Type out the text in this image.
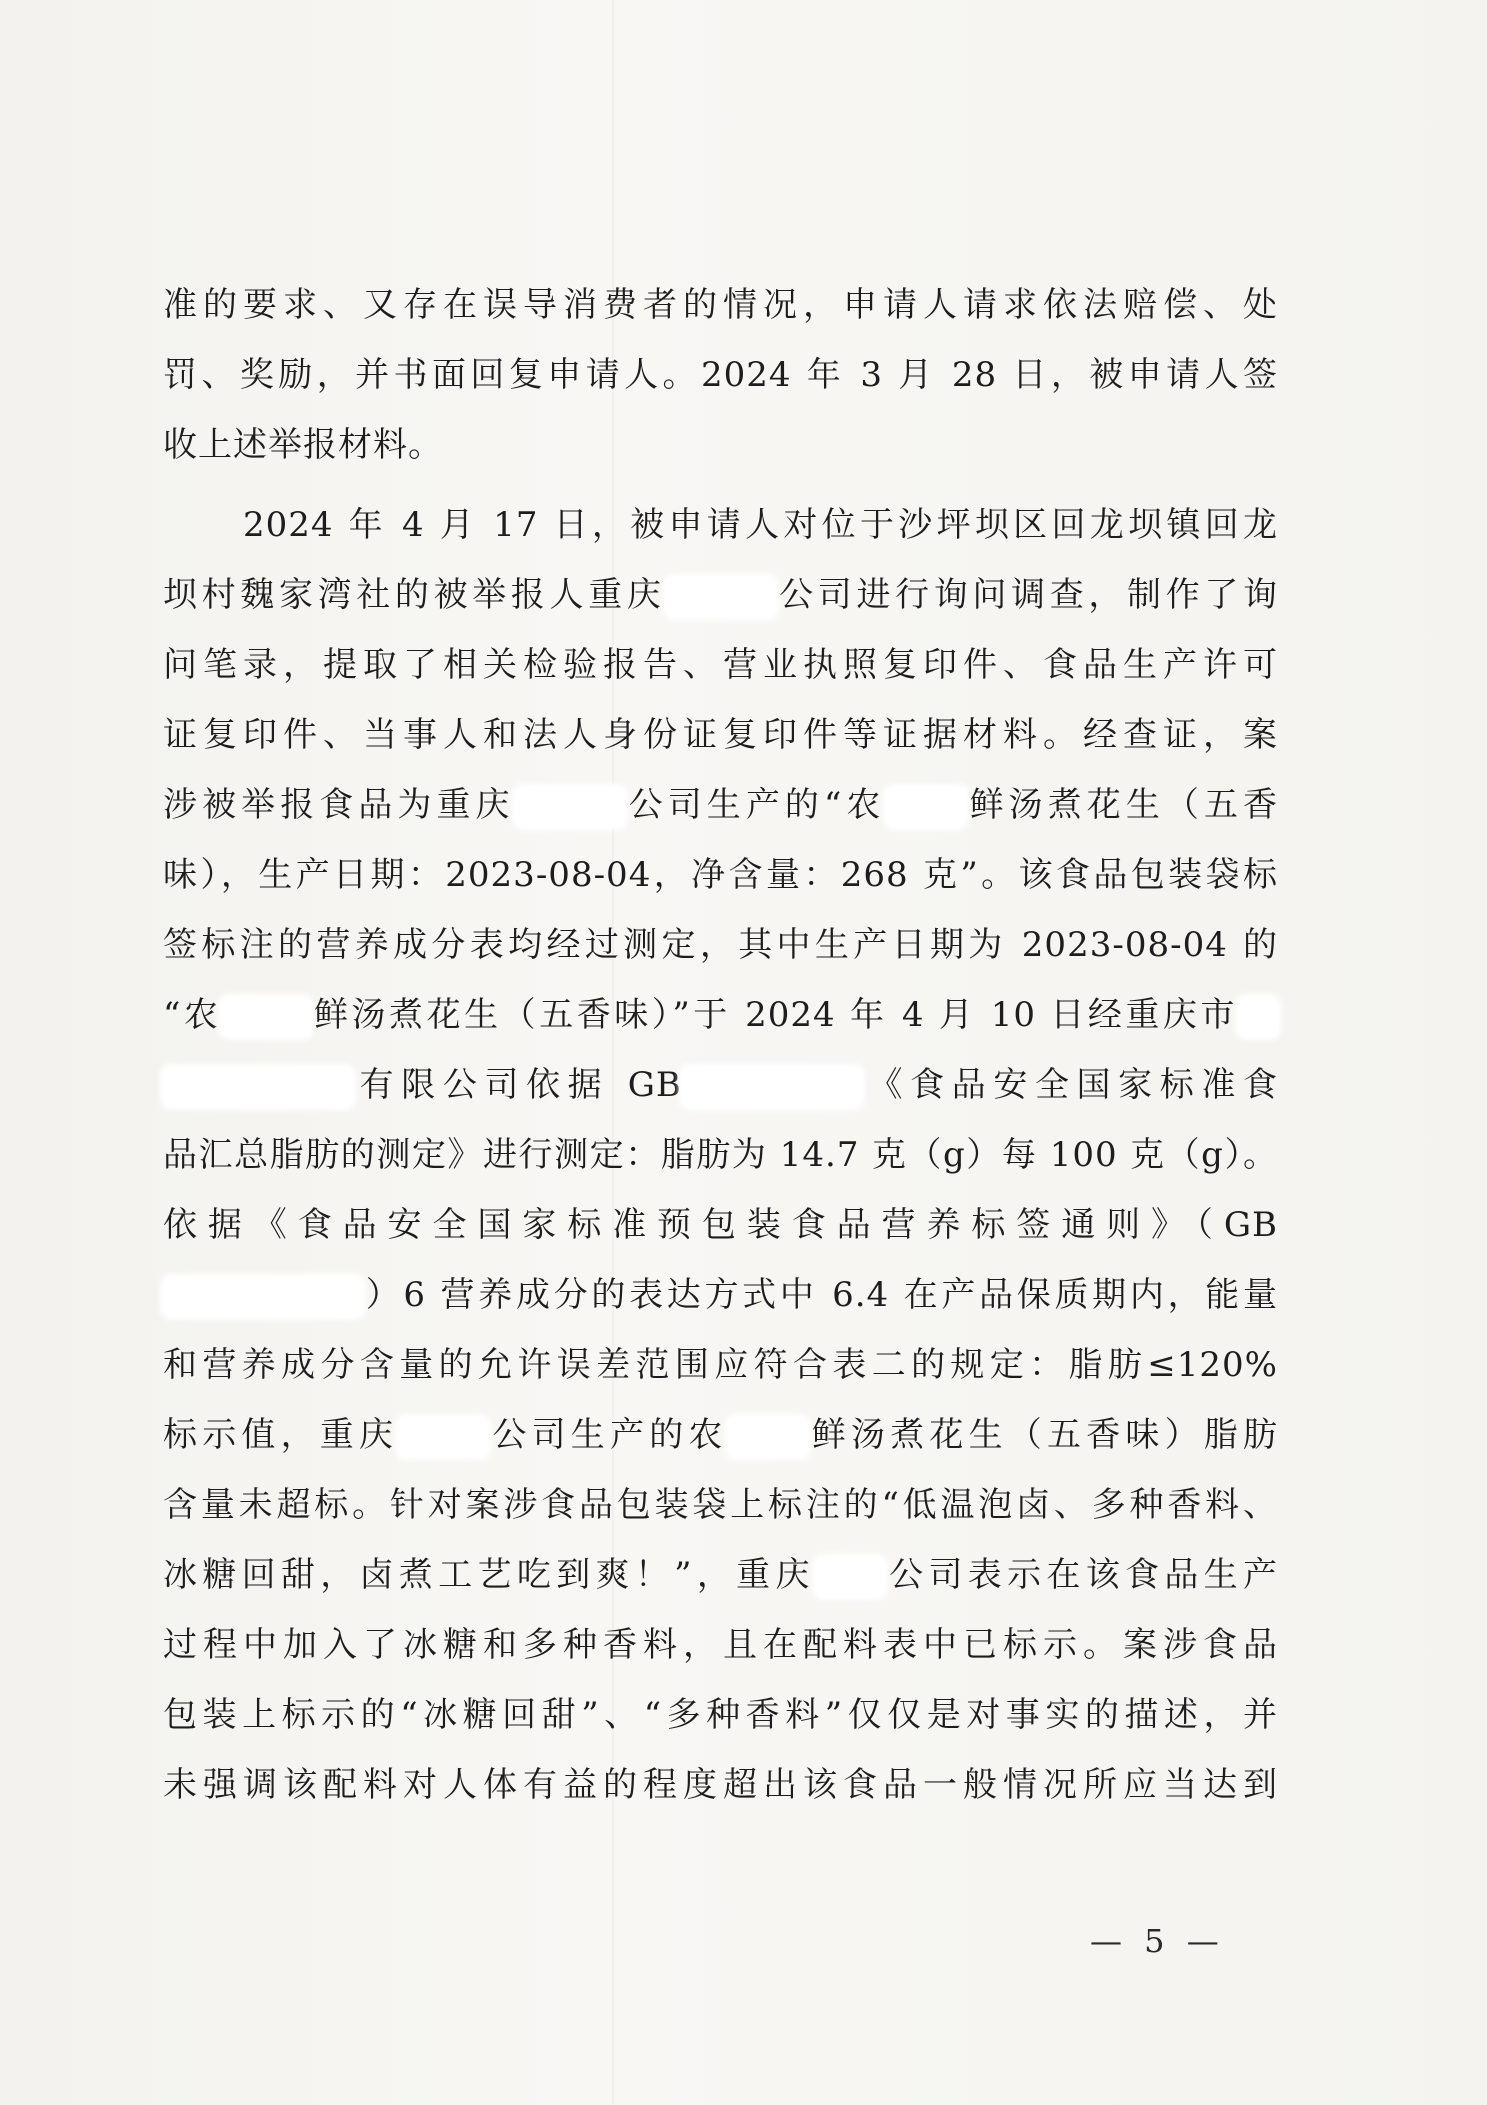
准的要求、又存在误导消费者的情况，申请人请求依法赔偿、处
罚、奖励，并书面回复申请人。2024 年 3 月 28 日，被申请人签
收上述举报材料。
2024 年 4 月 17 日，被申请人对位于沙坪坝区回龙坝镇回龙
坝村魏家湾社的被举报人重庆	公司进行询问调查，制作了询
问笔录，提取了相关检验报告、营业执照复印件、食品生产许可
证复印件、当事人和法人身份证复印件等证据材料。经查证，案
涉被举报食品为重庆	公司生产的“农 鲜汤煮花生（五香
味），生产日期：2023-08-04，净含量：268 克”。该食品包装袋标
签标注的营养成分表均经过测定，其中生产日期为 2023-08-04 的
“农	鲜汤煮花生（五香味）”于 2024 年 4 月 10 日经重庆市
有限公司依据 GB	《食品安全国家标准食
品汇总脂肪的测定》进行测定：脂肪为 14.7 克（g）每 100 克（g）。
依据《食品安全国家标准预包装食品营养标签通则》（GB
）6 营养成分的表达方式中 6.4 在产品保质期内，能量
和营养成分含量的允许误差范围应符合表二的规定：脂肪≤120%
标示值，重庆	公司生产的农 鲜汤煮花生（五香味）脂肪
含量未超标。针对案涉食品包装袋上标注的“低温泡卤、多种香料、
冰糖回甜，卤煮工艺吃到爽！”，重庆 公司表示在该食品生产
过程中加入了冰糖和多种香料，且在配料表中已标示。案涉食品
包装上标示的“冰糖回甜”、“多种香料”仅仅是对事实的描述，并
未强调该配料对人体有益的程度超出该食品一般情况所应当达到
— 5 —
